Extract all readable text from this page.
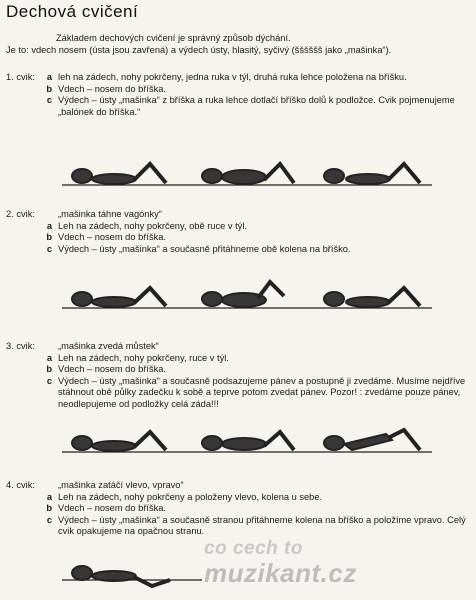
Dechová cvičení
Základem dechových cvičení je správný způsob dýchání.
Je to: vdech nosem (ústa jsou zavřená) a výdech ústy, hlasitý, syčivý (šššššš jako „mašinka“).
1. cvik:	a leh na zádech, nohy pokrčeny, jedna ruka v týl, druhá ruka lehce položena na bříšku.
b Vdech – nosem do bříška.
c Výdech – ústy „mašinka“ z bříška a ruka lehce dotlačí bříško dolů k podložce. Cvik pojmenujeme „balónek do bříška.“
2. cvik:	„mašinka táhne vagónky“
a Leh na zádech, nohy pokrčeny, obě ruce v týl.
b Vdech – nosem do bříška.
c Výdech – ústy „mašinka“ a současně přitáhneme obě kolena na bříško.
3. cvik:	„mašinka zvedá můstek“
a Leh na zádech, nohy pokrčeny, ruce v týl.
b Vdech – nosem do bříška.
c Výdech – ústy „mašinka“ a současně podsazujeme pánev a postupně ji zvedáme. Musíme nejdříve stáhnout obě půlky zadečku k sobě a teprve potom zvedat pánev. Pozor! : zvedáme pouze pánev, neodlepujeme od podložky celá záda!!!
4. cvik:	„mašinka zatáčí vlevo, vpravo“
a Leh na zádech, nohy pokrčeny a položeny vlevo, kolena u sebe.
b Vdech – nosem do bříška.
c Výdech – ústy „mašinka“ a současně stranou přitáhneme kolena na bříško a položíme vpravo. Celý cvik opakujeme na opačnou stranu.
co cech to
muzikant.cz
